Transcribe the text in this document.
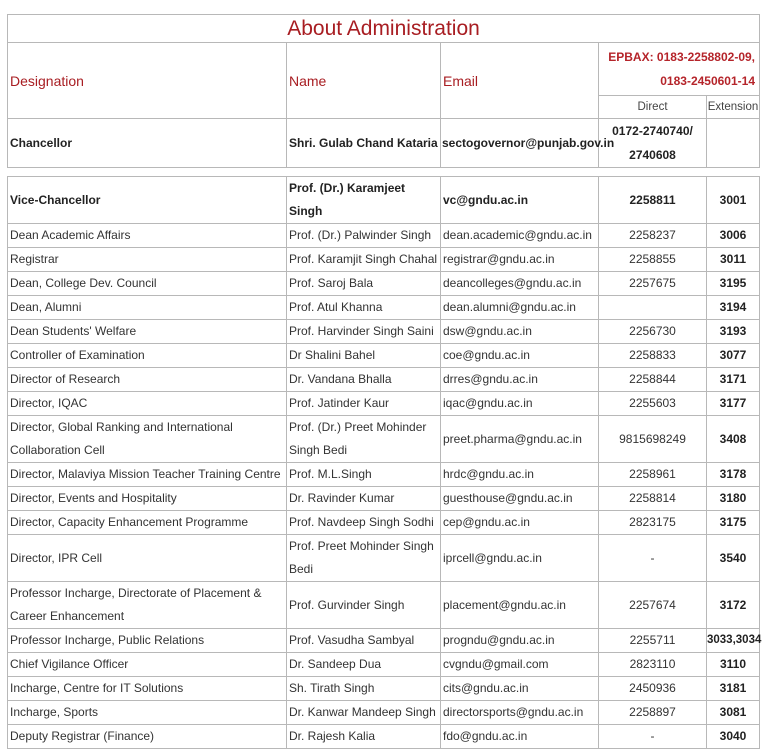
About Administration				
Designation	Name	Email	EPBAX: 0183-2258802-09,
0183-2450601-14	

			Direct	Extension
Chancellor	Shri. Gulab Chand Kataria	sectogovernor@punjab.gov.in	0172-2740740/
2740608	

Vice-Chancellor	Prof. (Dr.) Karamjeet Singh	vc@gndu.ac.in	2258811	3001
Dean Academic Affairs	Prof. (Dr.) Palwinder Singh	dean.academic@gndu.ac.in	2258237	3006
Registrar	Prof. Karamjit Singh Chahal	registrar@gndu.ac.in	2258855	3011
Dean, College Dev. Council	Prof. Saroj Bala	deancolleges@gndu.ac.in	2257675	3195
Dean, Alumni	Prof. Atul Khanna	dean.alumni@gndu.ac.in		3194
Dean Students' Welfare	Prof. Harvinder Singh Saini	dsw@gndu.ac.in	2256730	3193
Controller of Examination	Dr Shalini Bahel	coe@gndu.ac.in	2258833	3077
Director of Research	Dr. Vandana Bhalla	drres@gndu.ac.in	2258844	3171
Director, IQAC	Prof. Jatinder Kaur	iqac@gndu.ac.in	2255603	3177
Director, Global Ranking and International Collaboration Cell	Prof. (Dr.) Preet Mohinder Singh Bedi	preet.pharma@gndu.ac.in	9815698249	3408
Director, Malaviya Mission Teacher Training Centre	Prof. M.L.Singh	hrdc@gndu.ac.in	2258961	3178
Director, Events and Hospitality	Dr. Ravinder Kumar	guesthouse@gndu.ac.in	2258814	3180
Director, Capacity Enhancement Programme	Prof. Navdeep Singh Sodhi	cep@gndu.ac.in	2823175	3175
Director, IPR Cell	Prof. Preet Mohinder Singh Bedi	iprcell@gndu.ac.in	-	3540
Professor Incharge, Directorate of Placement & Career Enhancement	Prof. Gurvinder Singh	placement@gndu.ac.in	2257674	3172
Professor Incharge, Public Relations	Prof. Vasudha Sambyal	progndu@gndu.ac.in	2255711	3033,3034
Chief Vigilance Officer	Dr. Sandeep Dua	cvgndu@gmail.com	2823110	3110
Incharge, Centre for IT Solutions	Sh. Tirath Singh	cits@gndu.ac.in	2450936	3181
Incharge, Sports	Dr. Kanwar Mandeep Singh	directorsports@gndu.ac.in	2258897	3081
Deputy Registrar (Finance)	Dr. Rajesh Kalia	fdo@gndu.ac.in	-	3040
